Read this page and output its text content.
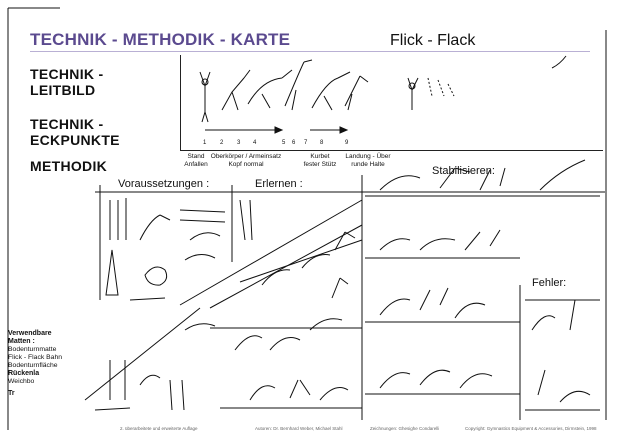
TECHNIK - METHODIK - KARTE	Flick - Flack
TECHNIK -
LEITBILD
TECHNIK -
ECKPUNKTE
METHODIK
1 2 3 4	5 6 7 8	9
Stand
Anfallen
Oberkörper / Armeinsatz
Kopf normal
Kurbet
fester Stütz
Landung - Über
runde Halte
Voraussetzungen :	Erlernen :
Stabilisieren:
Fehler:
Verwendbare Matten :
Bodenturnmatte
Flick - Flack Bahn
Bodenturnfläche
Rückenla
Weichbo
Tr
2. überarbeitete und erweiterte Auflage	Autoren: Dr. Bernhard Weber, Michael Stahl	Zeichnungen: Ghesighe Condarelli	Copyright: Gymnastics Equipment & Accessories, Dirmstein, 1998
